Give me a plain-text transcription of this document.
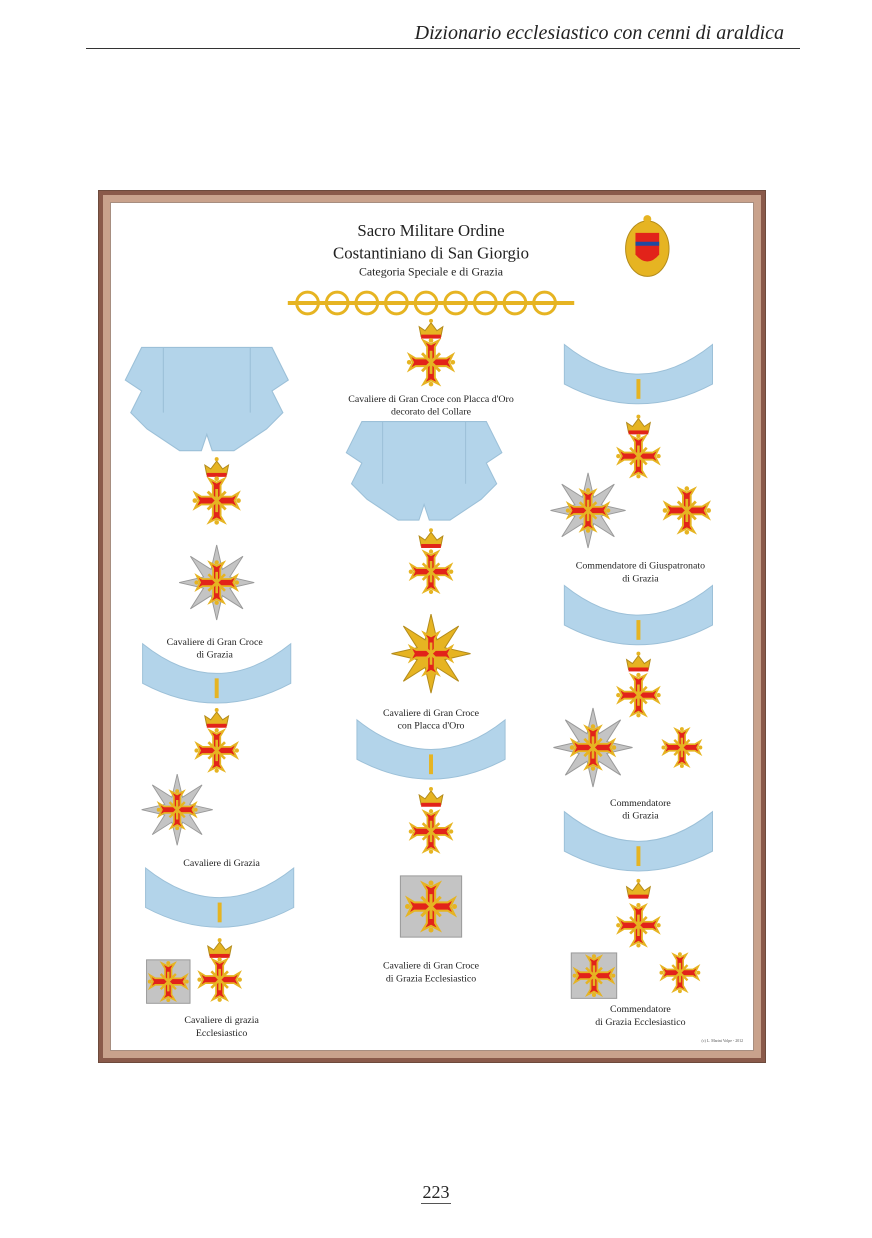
Dizionario ecclesiastico con cenni di araldica
Sacro Militare Ordine
Costantiniano di San Giorgio
Categoria Speciale e di Grazia
Cavaliere di Gran Croce con Placca d'Oro
decorato del Collare
Cavaliere di Gran Croce
di Grazia
Cavaliere di Grazia
Cavaliere di grazia
Ecclesiastico
Cavaliere di Gran Croce
con Placca d'Oro
Cavaliere di Gran Croce
di Grazia Ecclesiastico
Commendatore di Giuspatronato
di Grazia
Commendatore
di Grazia
Commendatore
di Grazia Ecclesiastico
(c) L. Marini Volpe - 2012
223
